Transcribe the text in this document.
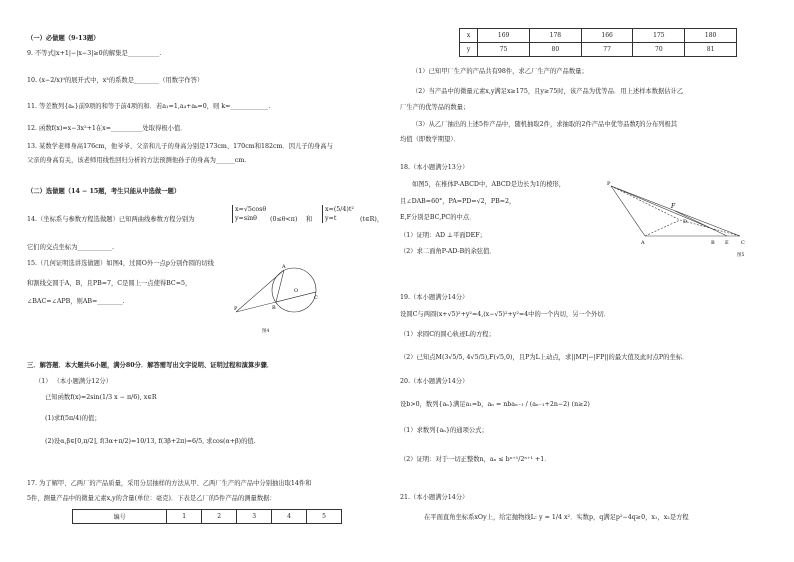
（一）必做题（9-13题）
9. 不等式|x+1|−|x−3|≥0的解集是__________.
10. (x−2/x)⁹的展开式中，x³的系数是________（用数字作答）
11. 等差数列{aₙ}前9项的和等于前4项的和．若a₁=1,a₄+aₖ=0，则 k=____________.
12. 函数f(x)=x−3x²+1在x=__________处取得极小值．
13. 某数学老师身高176cm，他爷爷、父亲和儿子的身高分别是173cm、170cm和182cm．因儿子的身高与
父亲的身高有关，该老师用线性回归分析的方法预测他孙子的身高为______cm.
（二）选做题（14 − 15题，考生只能从中选做一题）
14.（坐标系与参数方程选做题）已知两曲线参数方程分别为
x=√5cosθ
y=sinθ	(0≤θ<π) 和
x=(5/4)t²
y=t	(t∈R)，
它们的交点坐标为___________.
15.（几何证明选讲选做题）如图4，过圆O外一点p分别作圆的切线
和割线交圆于A，B，且PB=7，C是圆上一点使得BC=5，
∠BAC=∠APB，则AB=________.
P
A
B
C
O
图4
三．解答题．本大题共6小题，满分80分．解答需写出文字说明、证明过程和演算步骤．
（1） （本小题满分12分）
已知函数f(x)=2sin(1/3 x − π/6), x∈R
(1)求f(5π/4)的值；
(2)设α,β∈[0,π/2], f(3α+π/2)=10/13, f(3β+2π)=6/5, 求cos(α+β)的值.
17. 为了解甲、乙两厂的产品质量，采用分层抽样的方法从甲、乙两厂生产的产品中分别抽出取14件和
5件，测量产品中的微量元素x,y的含量(单位：毫克)．下表是乙厂的5件产品的测量数据：
编号	1	2	3	4	5
x	169	178	166	175	180
y	75	80	77	70	81
（1）已知甲厂生产的产品共有98件，求乙厂生产的产品数量；
（2）当产品中的微量元素x,y满足x≥175，且y≥75时，该产品为优等品．用上述样本数据估计乙
厂生产的优等品的数量；
（3）从乙厂抽出的上述5件产品中，随机抽取2件，求抽取的2件产品中优等品数ξ的分布列极其
均值（即数学期望）．
18.（本小题满分13分）
如图5，在椎体P-ABCD中，ABCD是边长为1的棱形，
且∠DAB=60°，PA=PD=√2，PB=2，
E,F分别是BC,PC的中点．
（1）证明：AD ⊥平面DEF；
（2）求二面角P-AD-B的余弦值．
P
F
A	B E C
D
图5
19.（本小题满分14分）
设圆C与两圆(x+√5)²+y²=4,(x−√5)²+y²=4中的一个内切，另一个外切．
（1）求圆C的圆心轨迹L的方程；
（2）已知点M(3√5/5, 4√5/5),F(√5,0)，且P为L上动点，求||MP|−|FP||的最大值及此时点P的坐标．
20.（本小题满分14分）
设b>0，数列{aₙ}满足a₁=b，aₙ = nbaₙ₋₁ / (aₙ₋₁+2n−2) (n≥2)
（1）求数列{aₙ}的通项公式；
（2）证明：对于一切正整数n，aₙ ≤ bⁿ⁺¹/2ⁿ⁺¹ +1．
21.（本小题满分14分）
在平面直角坐标系xOy上，给定抛物线L: y = 1/4 x²．实数p，q满足p²−4q≥0，x₁，x₂是方程
